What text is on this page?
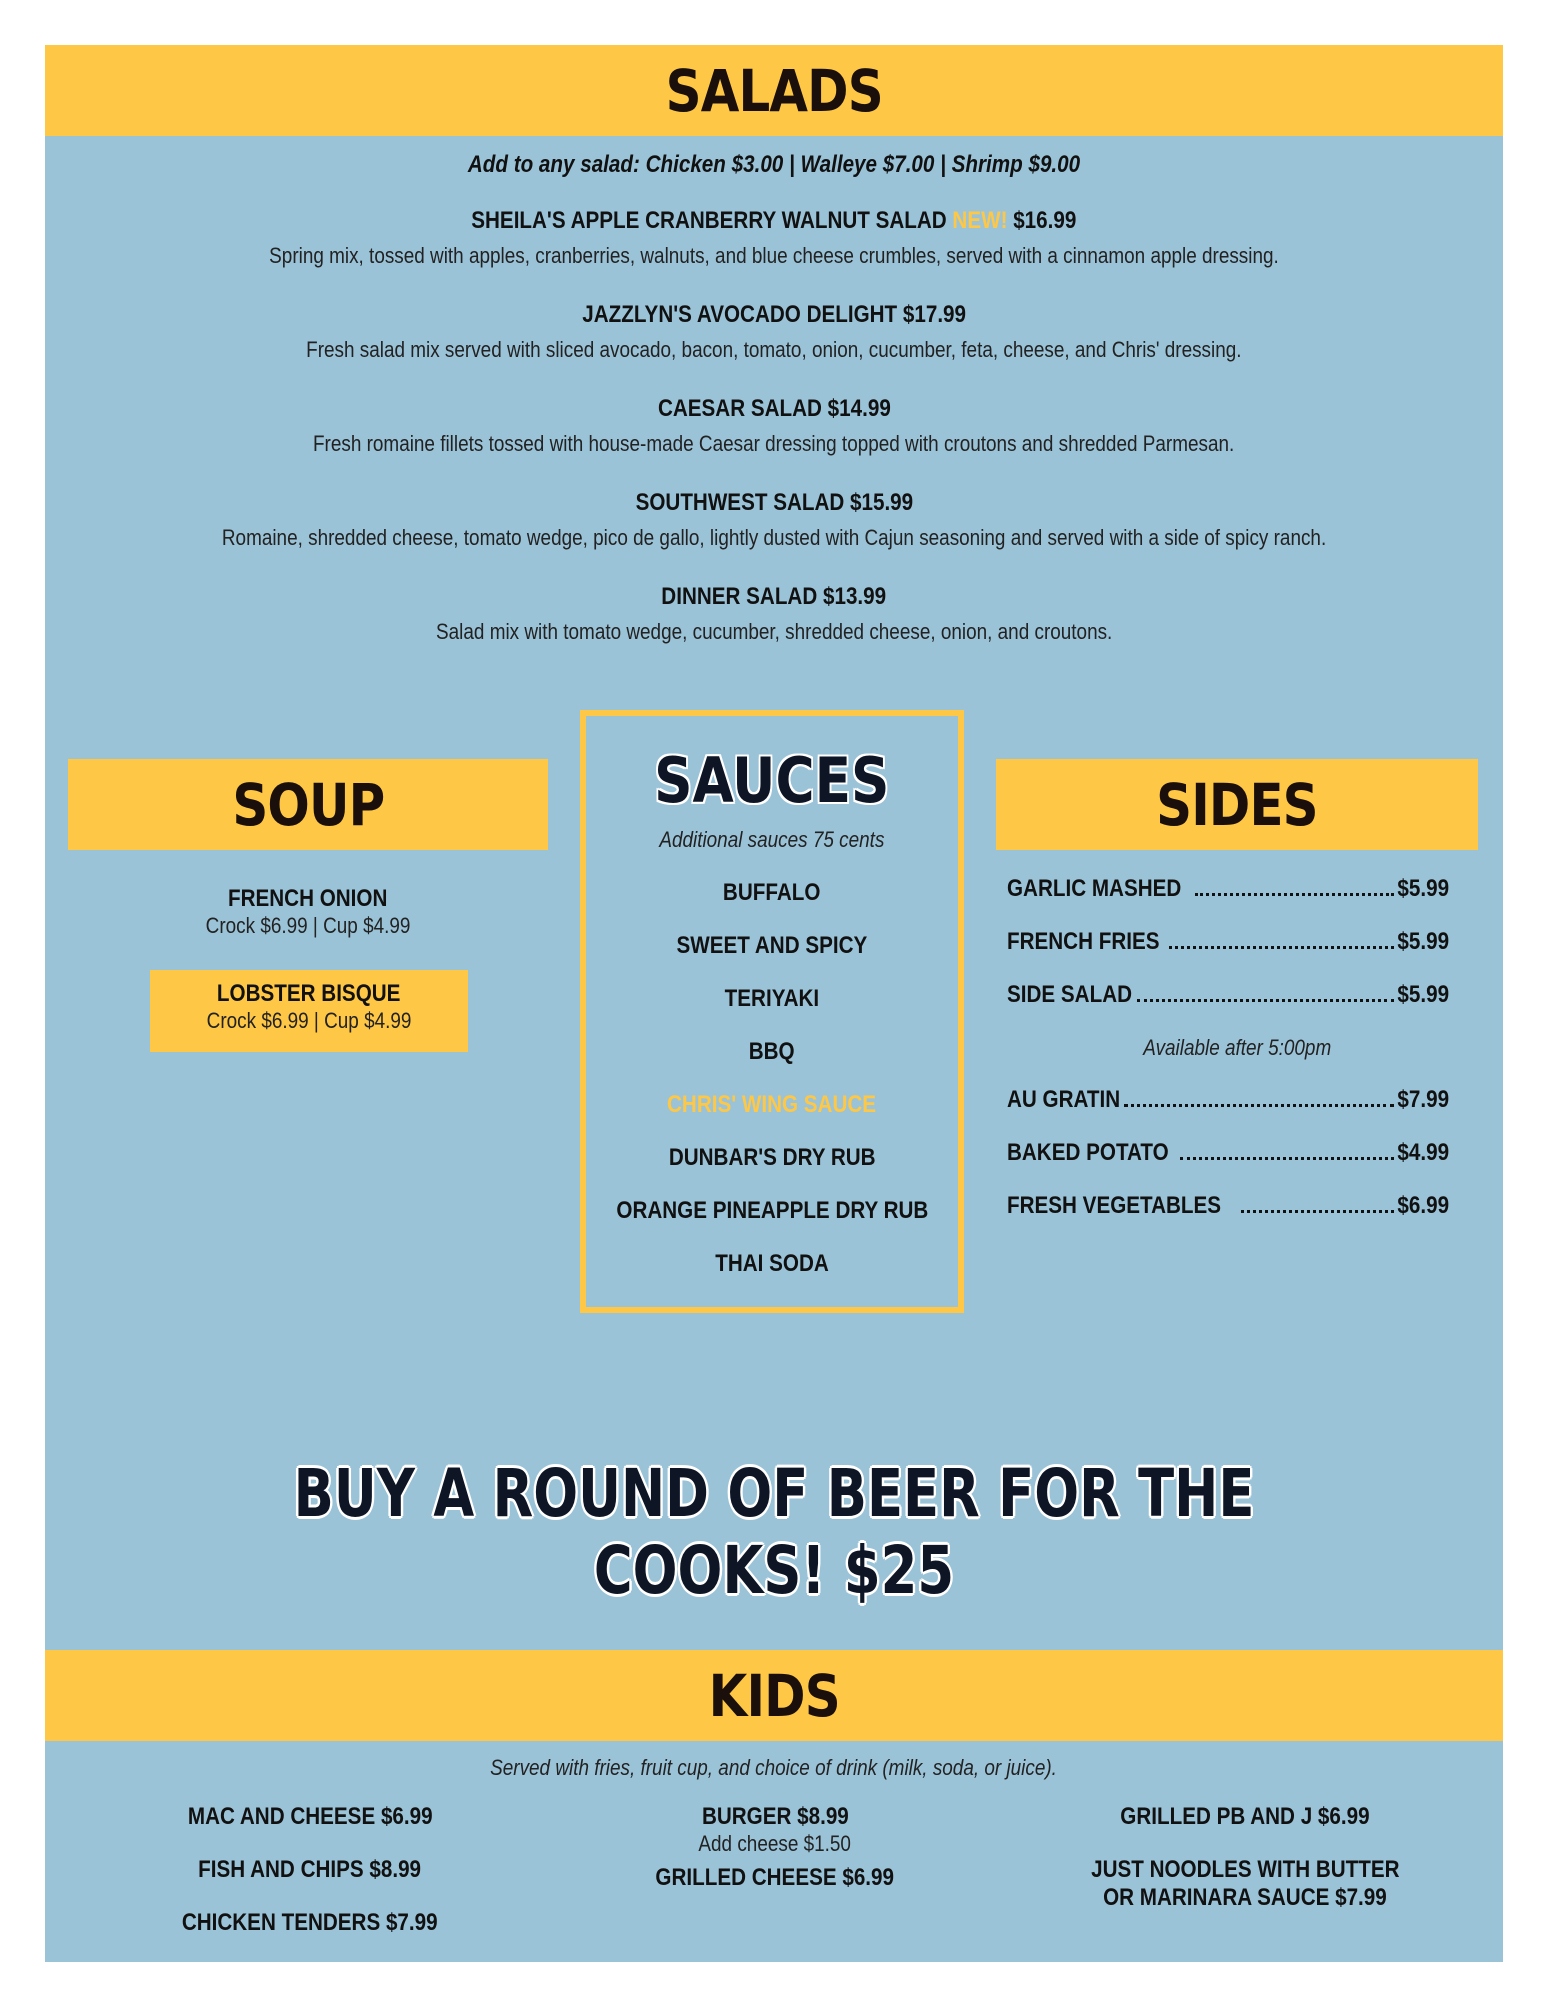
SALADS
Add to any salad: Chicken $3.00 | Walleye $7.00 | Shrimp $9.00
SHEILA'S APPLE CRANBERRY WALNUT SALAD NEW! $16.99
Spring mix, tossed with apples, cranberries, walnuts, and blue cheese crumbles, served with a cinnamon apple dressing.
JAZZLYN'S AVOCADO DELIGHT $17.99
Fresh salad mix served with sliced avocado, bacon, tomato, onion, cucumber, feta, cheese, and Chris' dressing.
CAESAR SALAD $14.99
Fresh romaine fillets tossed with house-made Caesar dressing topped with croutons and shredded Parmesan.
SOUTHWEST SALAD $15.99
Romaine, shredded cheese, tomato wedge, pico de gallo, lightly dusted with Cajun seasoning and served with a side of spicy ranch.
DINNER SALAD $13.99
Salad mix with tomato wedge, cucumber, shredded cheese, onion, and croutons.
SOUP
FRENCH ONION
Crock $6.99 | Cup $4.99
LOBSTER BISQUE
Crock $6.99 | Cup $4.99
SAUCES
Additional sauces 75 cents
BUFFALO
SWEET AND SPICY
TERIYAKI
BBQ
CHRIS' WING SAUCE
DUNBAR'S DRY RUB
ORANGE PINEAPPLE DRY RUB
THAI SODA
SIDES
GARLIC MASHED	$5.99
FRENCH FRIES	$5.99
SIDE SALAD	$5.99
Available after 5:00pm
AU GRATIN	$7.99
BAKED POTATO	$4.99
FRESH VEGETABLES	$6.99
BUY A ROUND OF BEER FOR THE COOKS! $25
KIDS
Served with fries, fruit cup, and choice of drink (milk, soda, or juice).
MAC AND CHEESE $6.99
FISH AND CHIPS $8.99
CHICKEN TENDERS $7.99
BURGER $8.99
Add cheese $1.50
GRILLED CHEESE $6.99
GRILLED PB AND J $6.99
JUST NOODLES WITH BUTTER
OR MARINARA SAUCE $7.99
